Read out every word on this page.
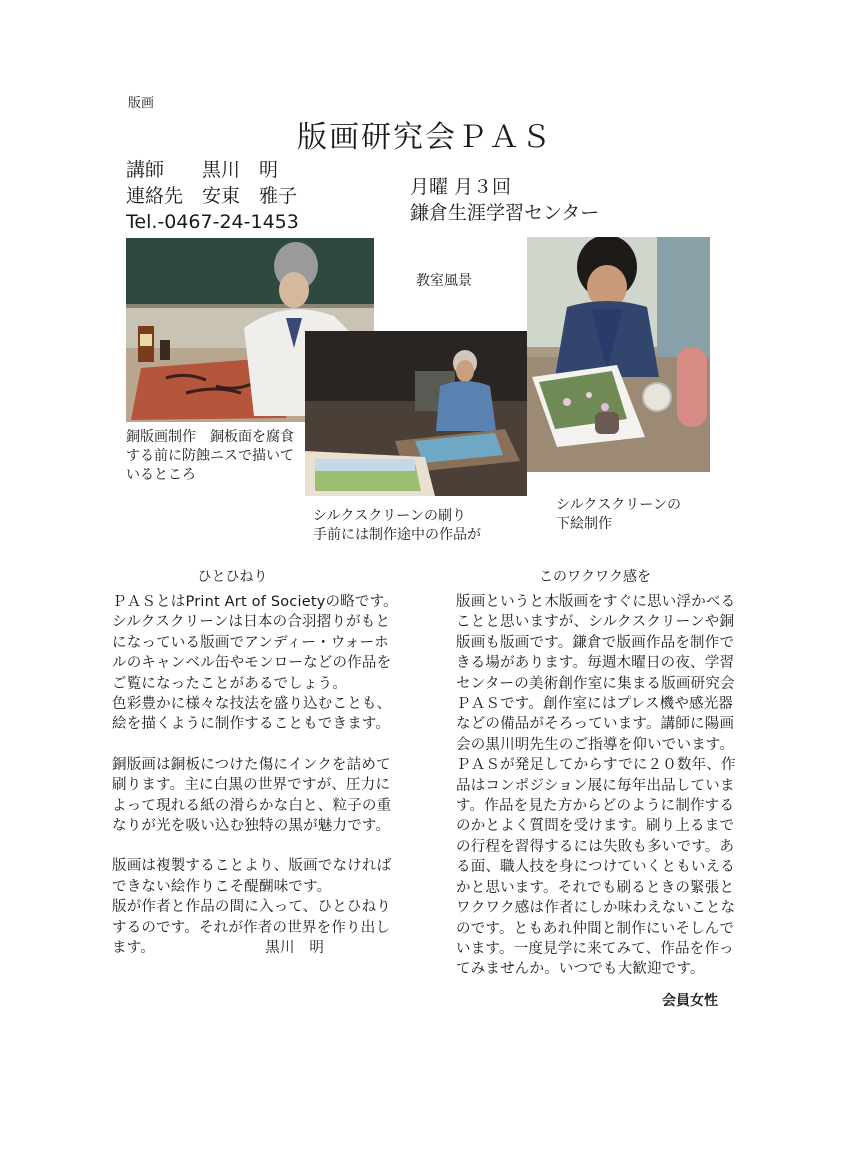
版画
版画研究会ＰＡＳ
講師　　黒川　明
連絡先　安東　雅子
Tel.-0467-24-1453
月曜 月３回
鎌倉生涯学習センター
教室風景
銅版画制作　銅板面を腐食
する前に防蝕ニスで描いて
いるところ
シルクスクリーンの刷り
手前には制作途中の作品が
シルクスクリーンの
下絵制作
ひとひねり

ＰＡＳとはPrint Art of Societyの略です。

シルクスクリーンは日本の合羽摺りがもと

になっている版画でアンディー・ウォーホ

ルのキャンベル缶やモンローなどの作品を

ご覧になったことがあるでしょう。

色彩豊かに様々な技法を盛り込むことも、

絵を描くように制作することもできます。

銅版画は銅板につけた傷にインクを詰めて

刷ります。主に白黒の世界ですが、圧力に

よって現れる紙の滑らかな白と、粒子の重

なりが光を吸い込む独特の黒が魅力です。

版画は複製することより、版画でなければ

できない絵作りこそ醍醐味です。

版が作者と作品の間に入って、ひとひねり

するのです。それが作者の世界を作り出し

ます。　　　　　　　　黒川　明

このワクワク感を

版画というと木版画をすぐに思い浮かべる

ことと思いますが、シルクスクリーンや銅

版画も版画です。鎌倉で版画作品を制作で

きる場があります。毎週木曜日の夜、学習

センターの美術創作室に集まる版画研究会

ＰＡＳです。創作室にはプレス機や感光器

などの備品がそろっています。講師に陽画

会の黒川明先生のご指導を仰いでいます。

ＰＡＳが発足してからすでに２０数年、作

品はコンポジション展に毎年出品していま

す。作品を見た方からどのように制作する

のかとよく質問を受けます。刷り上るまで

の行程を習得するには失敗も多いです。あ

る面、職人技を身につけていくともいえる

かと思います。それでも刷るときの緊張と

ワクワク感は作者にしか味わえないことな

のです。ともあれ仲間と制作にいそしんで

います。一度見学に来てみて、作品を作っ

てみませんか。いつでも大歓迎です。

会員女性
